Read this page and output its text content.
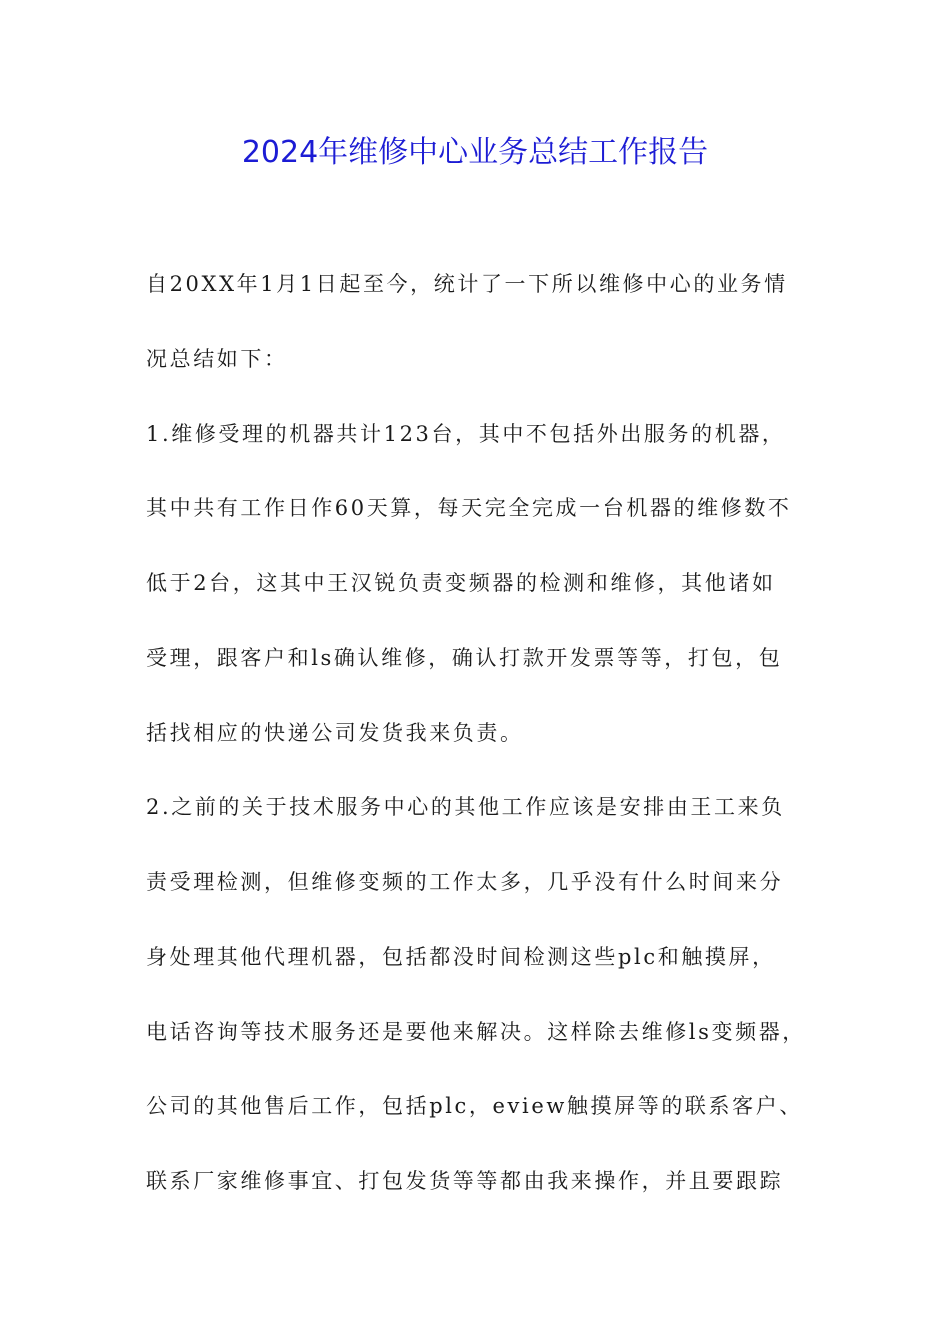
2024年维修中心业务总结工作报告

自20XX年1月1日起至今，统计了一下所以维修中心的业务情

况总结如下：

1.维修受理的机器共计123台，其中不包括外出服务的机器，

其中共有工作日作60天算，每天完全完成一台机器的维修数不

低于2台，这其中王汉锐负责变频器的检测和维修，其他诸如

受理，跟客户和ls确认维修，确认打款开发票等等，打包，包

括找相应的快递公司发货我来负责。

2.之前的关于技术服务中心的其他工作应该是安排由王工来负

责受理检测，但维修变频的工作太多，几乎没有什么时间来分

身处理其他代理机器，包括都没时间检测这些plc和触摸屏，

电话咨询等技术服务还是要他来解决。这样除去维修ls变频器，

公司的其他售后工作，包括plc，eview触摸屏等的联系客户、

联系厂家维修事宜、打包发货等等都由我来操作，并且要跟踪
